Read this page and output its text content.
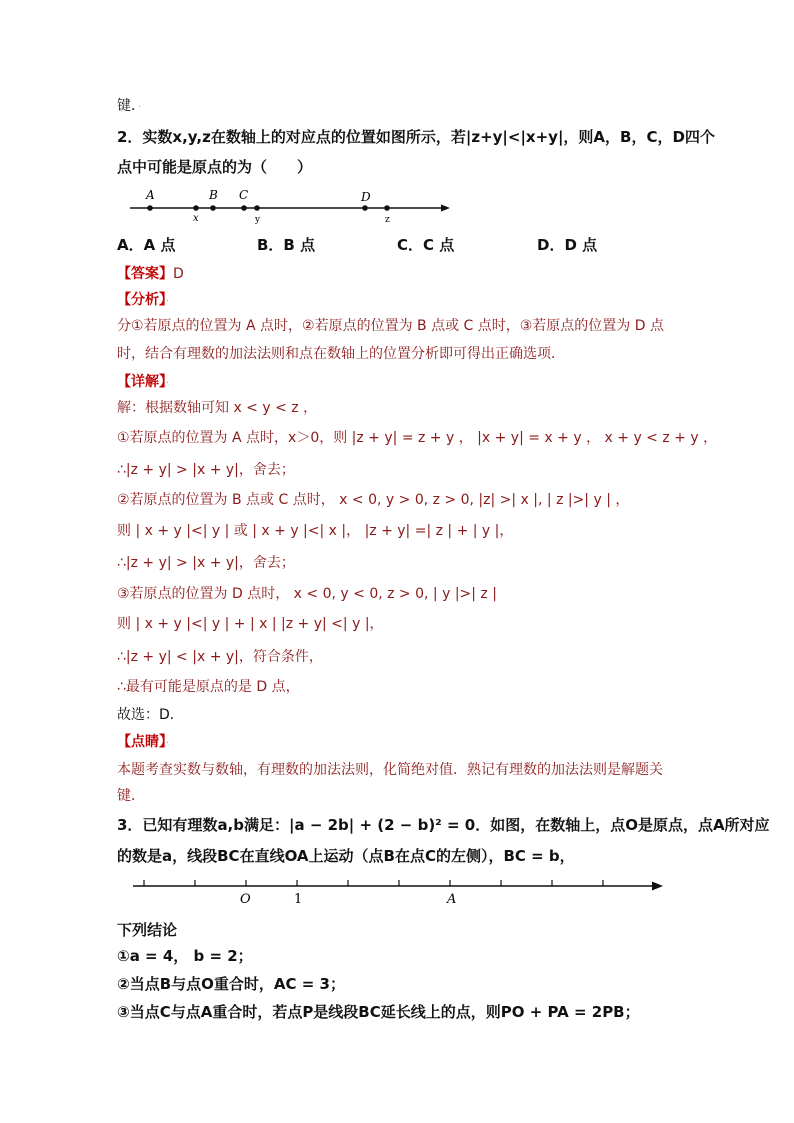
键．·
2．实数x,y,z在数轴上的对应点的位置如图所示，若|z+y|<|x+y|，则A，B，C，D四个
点中可能是原点的为（　　）
A	B C	D
x	y	z
A．A 点	B．B 点	C．C 点	D．D 点
【答案】D
【分析】·
分①若原点的位置为 A 点时，②若原点的位置为 B 点或 C 点时，③若原点的位置为 D 点
时，结合有理数的加法法则和点在数轴上的位置分析即可得出正确选项．
【详解】·
解：根据数轴可知 x < y < z ，
①若原点的位置为 A 点时，x＞0，则 |z + y| = z + y ， |x + y| = x + y ， x + y < z + y ，
∴|z + y| > |x + y|，舍去；
②若原点的位置为 B 点或 C 点时， x < 0, y > 0, z > 0, |z| >| x |, | z |>| y | ，
则 | x + y |<| y | 或 | x + y |<| x |， |z + y| =| z | + | y |，
∴|z + y| > |x + y|，舍去；
③若原点的位置为 D 点时， x < 0, y < 0, z > 0, | y |>| z |
则 | x + y |<| y | + | x | |z + y| <| y |，
∴|z + y| < |x + y|，符合条件，
∴最有可能是原点的是 D 点，
故选：D．
【点睛】·
本题考查实数与数轴，有理数的加法法则，化简绝对值．熟记有理数的加法法则是解题关
键．
3．已知有理数a,b满足：|a − 2b| + (2 − b)² = 0．如图，在数轴上，点O是原点，点A所对应
的数是a，线段BC在直线OA上运动（点B在点C的左侧），BC = b，
O	1	A
下列结论
①a = 4， b = 2；
②当点B与点O重合时，AC = 3；
③当点C与点A重合时，若点P是线段BC延长线上的点，则PO + PA = 2PB；
